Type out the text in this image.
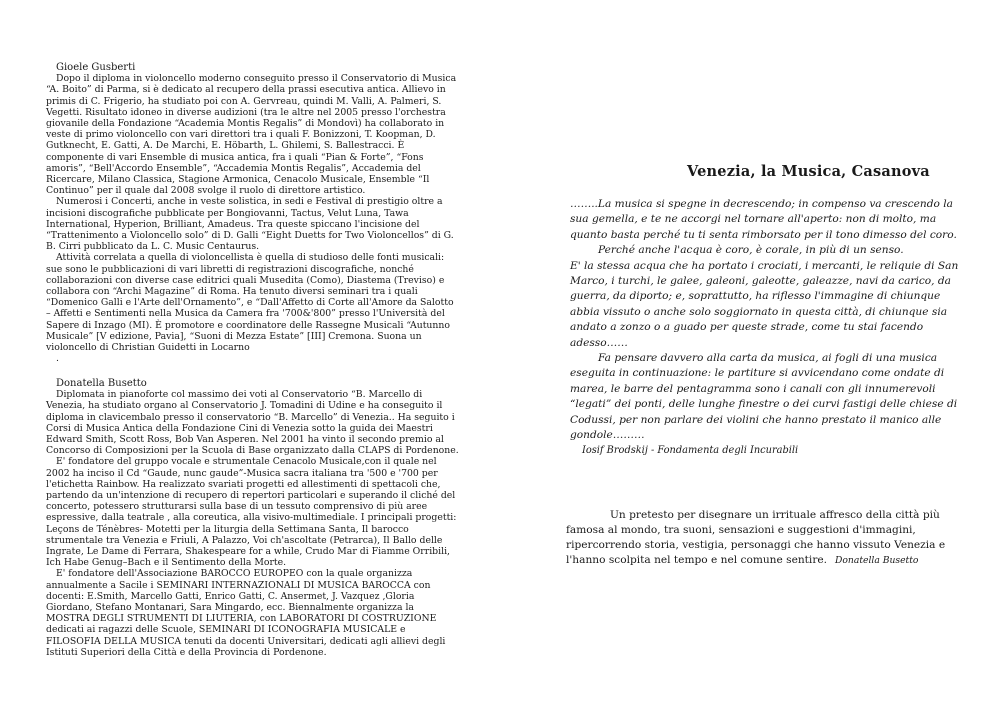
Gioele Gusberti

Dopo il diploma in violoncello moderno conseguito presso il Conservatorio di Musica “A. Boito” di Parma, si è dedicato al recupero della prassi esecutiva antica. Allievo in primis di C. Frigerio, ha studiato poi con A. Gervreau, quindi M. Valli, A. Palmeri, S. Vegetti. Risultato idoneo in diverse audizioni (tra le altre nel 2005 presso l'orchestra giovanile della Fondazione “Academia Montis Regalis” di Mondovì) ha collaborato in veste di primo violoncello con vari direttori tra i quali F. Bonizzoni, T. Koopman, D. Gutknecht, E. Gatti, A. De Marchi, E. Höbarth, L. Ghilemi, S. Ballestracci. È componente di vari Ensemble di musica antica, fra i quali “Pian & Forte”, “Fons amoris”, “Bell'Accordo Ensemble”, “Accademia Montis Regalis”, Accademia del Ricercare, Milano Classica, Stagione Armonica, Cenacolo Musicale, Ensemble “Il Continuo” per il quale dal 2008 svolge il ruolo di direttore artistico.

Numerosi i Concerti, anche in veste solistica, in sedi e Festival di prestigio oltre a incisioni discografiche pubblicate per Bongiovanni, Tactus, Velut Luna, Tawa International, Hyperion, Brilliant, Amadeus. Tra queste spiccano l'incisione del “Trattenimento a Violoncello solo” di D. Galli “Eight Duetts for Two Violoncellos” di G. B. Cirri pubblicato da L. C. Music Centaurus.

Attività correlata a quella di violoncellista è quella di studioso delle fonti musicali: sue sono le pubblicazioni di vari libretti di registrazioni discografiche, nonché collaborazioni con diverse case editrici quali Musedita (Como), Diastema (Treviso) e collabora con “Archi Magazine” di Roma. Ha tenuto diversi seminari tra i quali “Domenico Galli e l'Arte dell'Ornamento”, e “Dall'Affetto di Corte all'Amore da Salotto – Affetti e Sentimenti nella Musica da Camera fra '700&'800” presso l'Università del Sapere di Inzago (MI). È promotore e coordinatore delle Rassegne Musicali “Autunno Musicale” [V edizione, Pavia], “Suoni di Mezza Estate” [III] Cremona. Suona un violoncello di Christian Guidetti in Locarno

.

Donatella Busetto

Diplomata in pianoforte col massimo dei voti al Conservatorio “B. Marcello di Venezia, ha studiato organo al Conservatorio J. Tomadini di Udine e ha conseguito il diploma in clavicembalo presso il conservatorio “B. Marcello” di Venezia.. Ha seguito i Corsi di Musica Antica della Fondazione Cini di Venezia sotto la guida dei Maestri Edward Smith, Scott Ross, Bob Van Asperen. Nel 2001 ha vinto il secondo premio al Concorso di Composizioni per la Scuola di Base organizzato dalla CLAPS di Pordenone.

E' fondatore del gruppo vocale e strumentale Cenacolo Musicale,con il quale nel 2002 ha inciso il Cd “Gaude, nunc gaude”-Musica sacra italiana tra '500 e '700 per l'etichetta Rainbow. Ha realizzato svariati progetti ed allestimenti di spettacoli che, partendo da un'intenzione di recupero di repertori particolari e superando il cliché del concerto, potessero strutturarsi sulla base di un tessuto comprensivo di più aree espressive, dalla teatrale , alla coreutica, alla visivo-multimediale. I principali progetti: Leçons de Ténèbres- Motetti per la liturgia della Settimana Santa, Il barocco strumentale tra Venezia e Friuli, A Palazzo, Voi ch'ascoltate (Petrarca), Il Ballo delle Ingrate, Le Dame di Ferrara, Shakespeare for a while, Crudo Mar di Fiamme Orribili, Ich Habe Genug–Bach e il Sentimento della Morte.

E' fondatore dell'Associazione BAROCCO EUROPEO con la quale organizza annualmente a Sacile i SEMINARI INTERNAZIONALI DI MUSICA BAROCCA con docenti: E.Smith, Marcello Gatti, Enrico Gatti, C. Ansermet, J. Vazquez ,Gloria Giordano, Stefano Montanari, Sara Mingardo, ecc. Biennalmente organizza la MOSTRA DEGLI STRUMENTI DI LIUTERIA, con LABORATORI DI COSTRUZIONE dedicati ai ragazzi delle Scuole, SEMINARI DI ICONOGRAFIA MUSICALE e FILOSOFIA DELLA MUSICA tenuti da docenti Universitari, dedicati agli allievi degli Istituti Superiori della Città e della Provincia di Pordenone.

Venezia, la Musica, Casanova

……..La musica si spegne in decrescendo; in compenso va crescendo la sua gemella, e te ne accorgi nel tornare all'aperto: non di molto, ma quanto basta perché tu ti senta rimborsato per il tono dimesso del coro.

Perché anche l'acqua è coro, è corale, in più di un senso.

E' la stessa acqua che ha portato i crociati, i mercanti, le reliquie di San Marco, i turchi, le galee, galeoni, galeotte, galeazze, navi da carico, da guerra, da diporto; e, soprattutto, ha riflesso l'immagine di chiunque abbia vissuto o anche solo soggiornato in questa città, di chiunque sia andato a zonzo o a guado per queste strade, come tu stai facendo adesso……

Fa pensare davvero alla carta da musica, ai fogli di una musica eseguita in continuazione: le partiture si avvicendano come ondate di marea, le barre del pentagramma sono i canali con gli innumerevoli “legati” dei ponti, delle lunghe finestre o dei curvi fastigi delle chiese di Codussi, per non parlare dei violini che hanno prestato il manico alle gondole………

Iosif Brodskij - Fondamenta degli Incurabili

Un pretesto per disegnare un irrituale affresco della città più famosa al mondo, tra suoni, sensazioni e suggestioni d'immagini, ripercorrendo storia, vestigia, personaggi che hanno vissuto Venezia e l'hanno scolpita nel tempo e nel comune sentire. Donatella Busetto
